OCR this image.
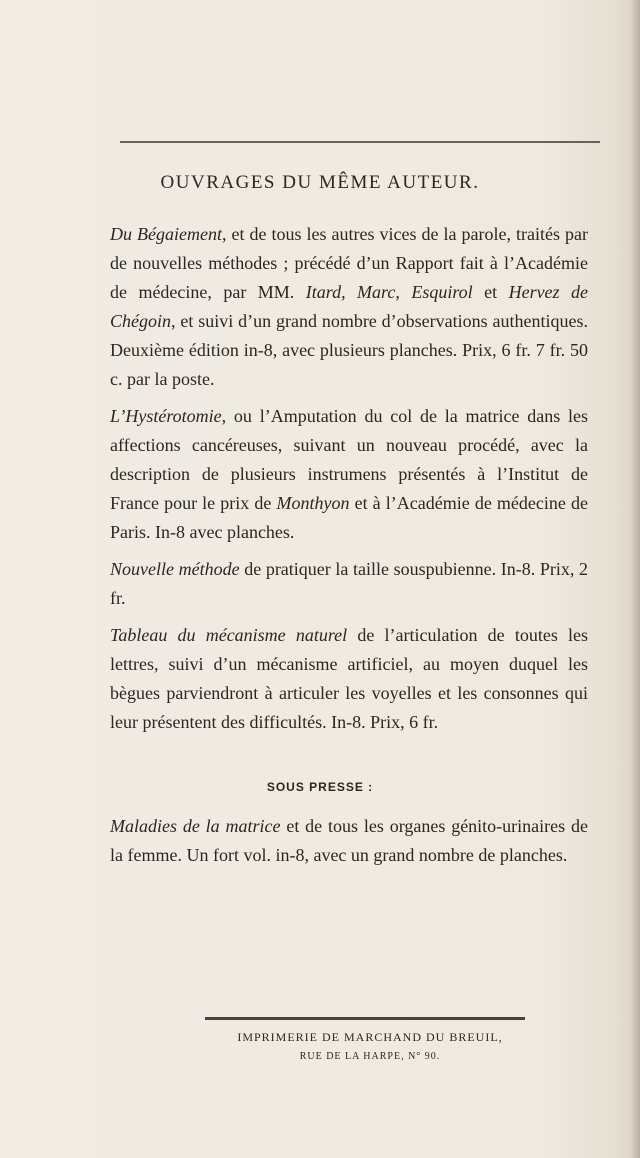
OUVRAGES DU MÊME AUTEUR.

Du Bégaiement, et de tous les autres vices de la parole, traités par de nouvelles méthodes ; précédé d’un Rapport fait à l’Académie de médecine, par MM. Itard, Marc, Esquirol et Hervez de Chégoin, et suivi d’un grand nombre d’observations authentiques. Deuxième édition in-8, avec plusieurs planches. Prix, 6 fr. 7 fr. 50 c. par la poste.

L’Hystérotomie, ou l’Amputation du col de la matrice dans les affections cancéreuses, suivant un nouveau procédé, avec la description de plusieurs instrumens présentés à l’Institut de France pour le prix de Monthyon et à l’Académie de médecine de Paris. In-8 avec planches.

Nouvelle méthode de pratiquer la taille souspubienne. In-8. Prix, 2 fr.

Tableau du mécanisme naturel de l’articulation de toutes les lettres, suivi d’un mécanisme artificiel, au moyen duquel les bègues parviendront à articuler les voyelles et les consonnes qui leur présentent des difficultés. In-8. Prix, 6 fr.

SOUS PRESSE :
Maladies de la matrice et de tous les organes génito-urinaires de la femme. Un fort vol. in-8, avec un grand nombre de planches.
IMPRIMERIE DE MARCHAND DU BREUIL,
RUE DE LA HARPE, N° 90.
